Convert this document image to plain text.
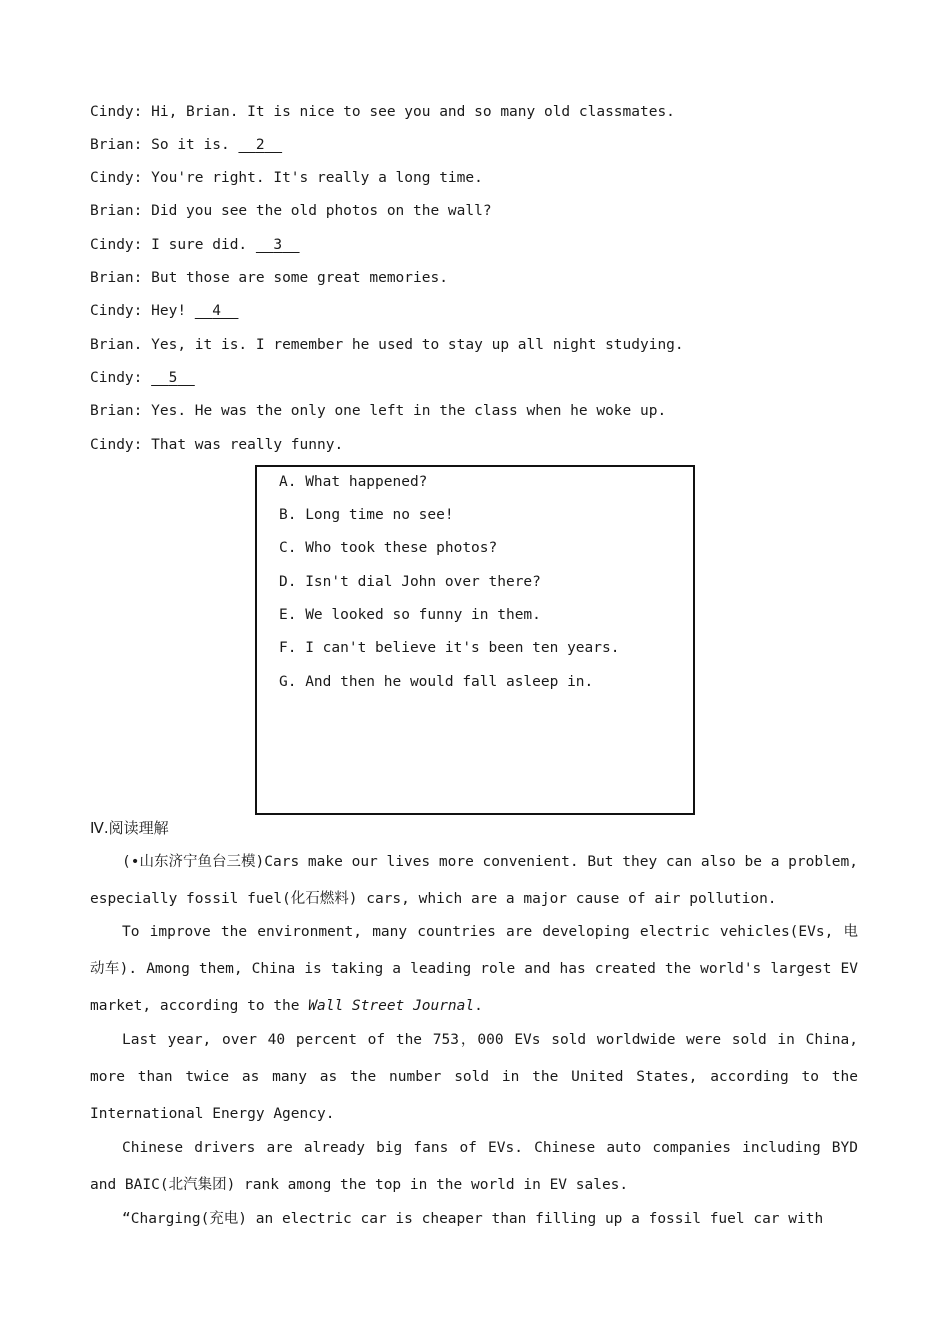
Cindy: Hi, Brian. It is nice to see you and so many old classmates.
Brian: So it is. 2
Cindy: You're right. It's really a long time.
Brian: Did you see the old photos on the wall?
Cindy: I sure did. 3
Brian: But those are some great memories.
Cindy: Hey! 4
Brian. Yes, it is. I remember he used to stay up all night studying.
Cindy: 5
Brian: Yes. He was the only one left in the class when he woke up.
Cindy: That was really funny.
A. What happened?
B. Long time no see!
C. Who took these photos?
D. Isn't dial John over there?
E. We looked so funny in them.
F. I can't believe it's been ten years.
G. And then he would fall asleep in.
Ⅳ.阅读理解
(•山东济宁鱼台三模)Cars make our lives more convenient. But they can also be a problem, especially fossil fuel(化石燃料) cars, which are a major cause of air pollution.
To improve the environment, many countries are developing electric vehicles(EVs, 电动车). Among them, China is taking a leading role and has created the world's largest EV market, according to the Wall Street Journal.
Last year, over 40 percent of the 753，000 EVs sold worldwide were sold in China, more than twice as many as the number sold in the United States, according to the International Energy Agency.
Chinese drivers are already big fans of EVs. Chinese auto companies including BYD and BAIC(北汽集团) rank among the top in the world in EV sales.
“Charging(充电) an electric car is cheaper than filling up a fossil fuel car with
